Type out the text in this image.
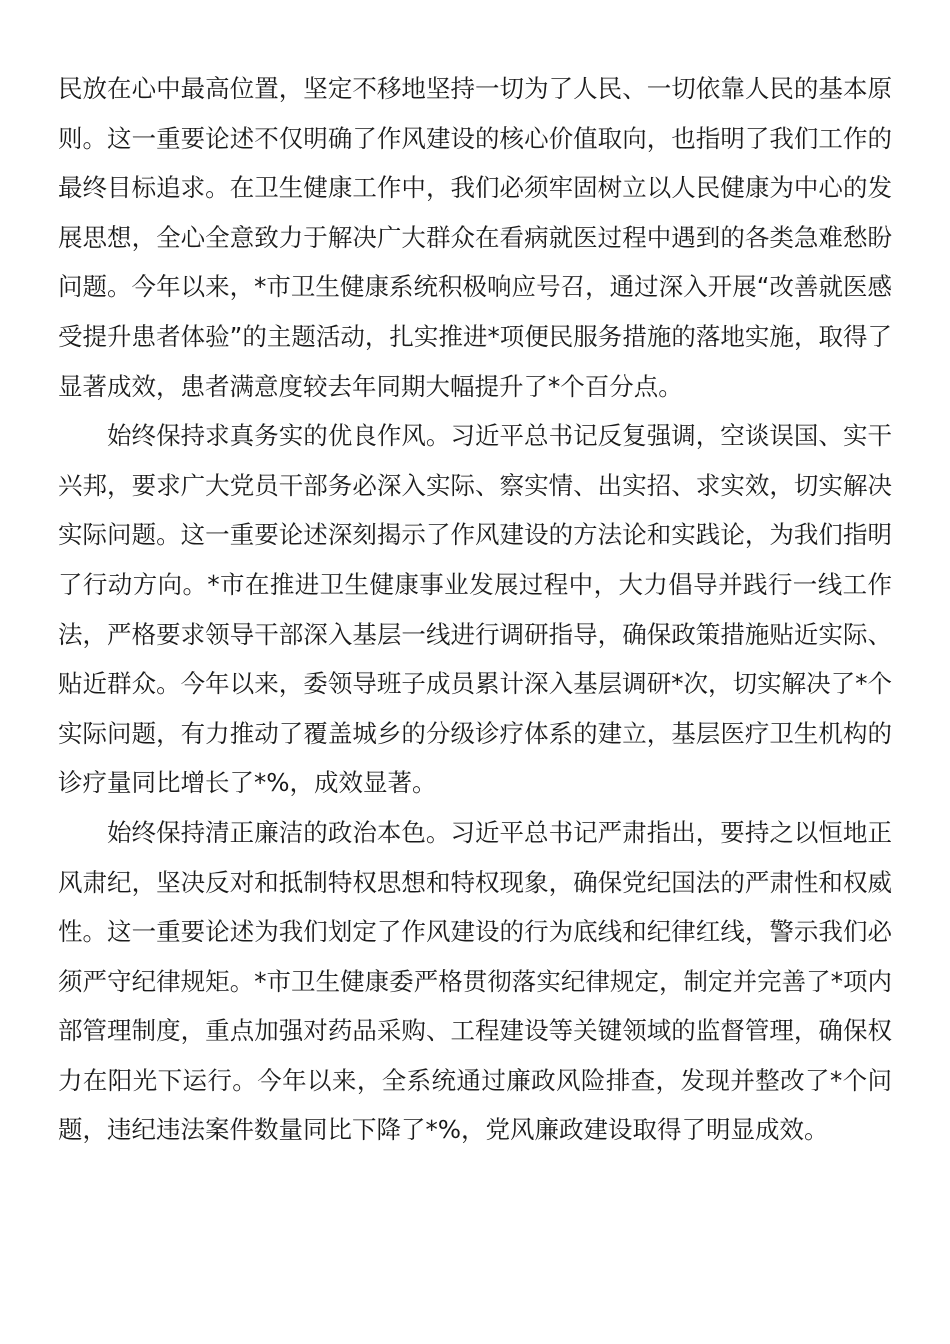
民放在心中最高位置，坚定不移地坚持一切为了人民、一切依靠人民的基本原则。这一重要论述不仅明确了作风建设的核心价值取向，也指明了我们工作的最终目标追求。在卫生健康工作中，我们必须牢固树立以人民健康为中心的发展思想，全心全意致力于解决广大群众在看病就医过程中遇到的各类急难愁盼问题。今年以来，*市卫生健康系统积极响应号召，通过深入开展“改善就医感受提升患者体验”的主题活动，扎实推进*项便民服务措施的落地实施，取得了显著成效，患者满意度较去年同期大幅提升了*个百分点。

始终保持求真务实的优良作风。习近平总书记反复强调，空谈误国、实干兴邦，要求广大党员干部务必深入实际、察实情、出实招、求实效，切实解决实际问题。这一重要论述深刻揭示了作风建设的方法论和实践论，为我们指明了行动方向。*市在推进卫生健康事业发展过程中，大力倡导并践行一线工作法，严格要求领导干部深入基层一线进行调研指导，确保政策措施贴近实际、贴近群众。今年以来，委领导班子成员累计深入基层调研*次，切实解决了*个实际问题，有力推动了覆盖城乡的分级诊疗体系的建立，基层医疗卫生机构的诊疗量同比增长了*%，成效显著。

始终保持清正廉洁的政治本色。习近平总书记严肃指出，要持之以恒地正风肃纪，坚决反对和抵制特权思想和特权现象，确保党纪国法的严肃性和权威性。这一重要论述为我们划定了作风建设的行为底线和纪律红线，警示我们必须严守纪律规矩。*市卫生健康委严格贯彻落实纪律规定，制定并完善了*项内部管理制度，重点加强对药品采购、工程建设等关键领域的监督管理，确保权力在阳光下运行。今年以来，全系统通过廉政风险排查，发现并整改了*个问题，违纪违法案件数量同比下降了*%，党风廉政建设取得了明显成效。
